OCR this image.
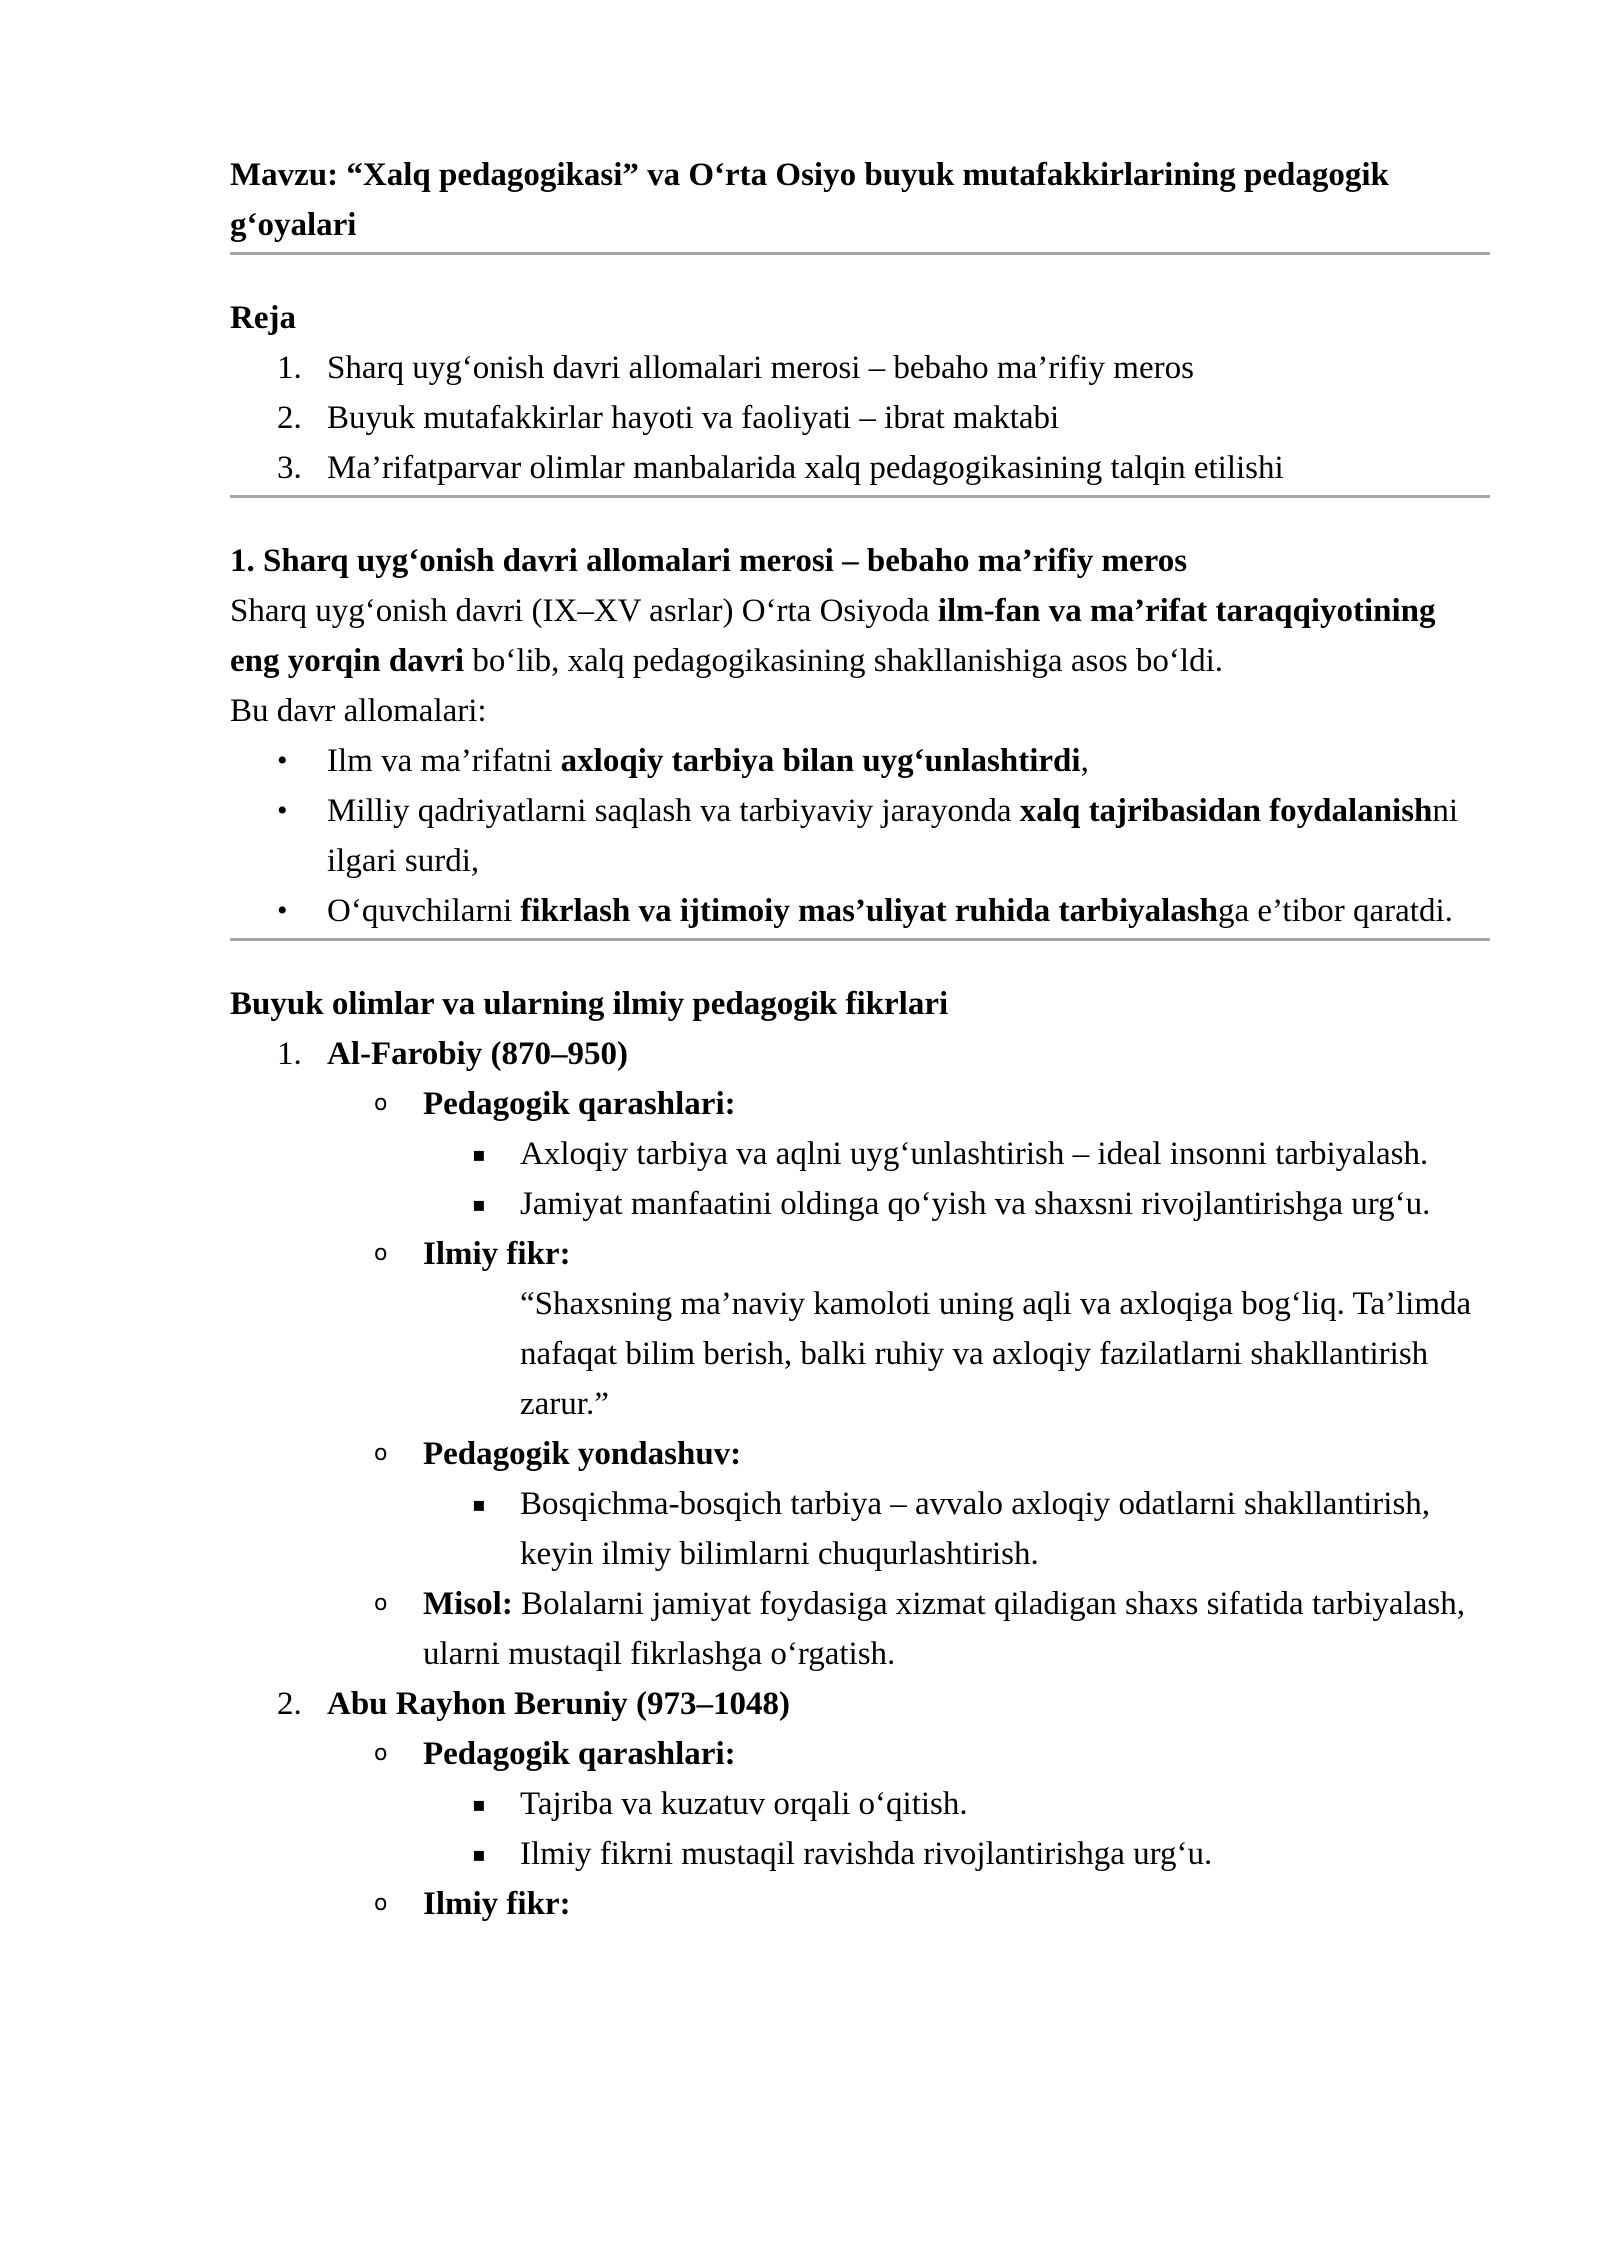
Mavzu: “Xalq pedagogikasi” va O‘rta Osiyo buyuk mutafakkirlarining pedagogik g‘oyalari

Reja

1. Sharq uyg‘onish davri allomalari merosi – bebaho ma’rifiy meros
2. Buyuk mutafakkirlar hayoti va faoliyati – ibrat maktabi
3. Ma’rifatparvar olimlar manbalarida xalq pedagogikasining talqin etilishi

1. Sharq uyg‘onish davri allomalari merosi – bebaho ma’rifiy meros

Sharq uyg‘onish davri (IX–XV asrlar) O‘rta Osiyoda ilm-fan va ma’rifat taraqqiyotining eng yorqin davri bo‘lib, xalq pedagogikasining shakllanishiga asos bo‘ldi.

Bu davr allomalari:

• Ilm va ma’rifatni axloqiy tarbiya bilan uyg‘unlashtirdi,
• Milliy qadriyatlarni saqlash va tarbiyaviy jarayonda xalq tajribasidan foydalanishni ilgari surdi,
• O‘quvchilarni fikrlash va ijtimoiy mas’uliyat ruhida tarbiyalashga e’tibor qaratdi.

Buyuk olimlar va ularning ilmiy pedagogik fikrlari

1. Al-Farobiy (870–950)
o Pedagogik qarashlari:
▪ Axloqiy tarbiya va aqlni uyg‘unlashtirish – ideal insonni tarbiyalash.
▪ Jamiyat manfaatini oldinga qo‘yish va shaxsni rivojlantirishga urg‘u.
o Ilmiy fikr:

“Shaxsning ma’naviy kamoloti uning aqli va axloqiga bog‘liq. Ta’limda nafaqat bilim berish, balki ruhiy va axloqiy fazilatlarni shakllantirish zarur.”

o Pedagogik yondashuv:
▪ Bosqichma-bosqich tarbiya – avvalo axloqiy odatlarni shakllantirish, keyin ilmiy bilimlarni chuqurlashtirish.
o Misol: Bolalarni jamiyat foydasiga xizmat qiladigan shaxs sifatida tarbiyalash, ularni mustaqil fikrlashga o‘rgatish.
2. Abu Rayhon Beruniy (973–1048)
o Pedagogik qarashlari:
▪ Tajriba va kuzatuv orqali o‘qitish.
▪ Ilmiy fikrni mustaqil ravishda rivojlantirishga urg‘u.
o Ilmiy fikr:
